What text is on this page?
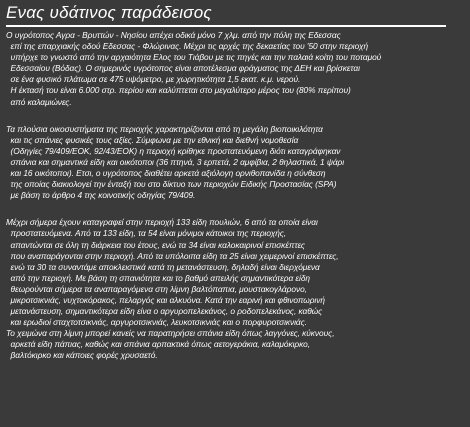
Ενας υδάτινος παράδεισος

Ο υγρότοπος Αγρα - Βρυττών - Νησίου απέχει οδικά μόνο 7 χλμ. από την πόλη της Εδεσσας
επί της επαρχιακής οδού Εδεσσας - Φλώρινας. Μέχρι τις αρχές της δεκαετίας του '50 στην περιοχή
υπήρχε το γνωστό από την αρχαιότητα Ελος του Τιάβου με τις πηγές και την παλαιά κοίτη του ποταμού
Εδεσσαίου (Βόδας). Ο σημερινός υγρότοπος είναι αποτέλεσμα φράγματος της ΔΕΗ και βρίσκεται
σε ένα φυσικό πλάτωμα σε 475 υψόμετρο, με χωρητικότητα 1,5 εκατ. κ.μ. νερού.
Η έκτασή του είναι 6.000 στρ. περίου και καλύπτεται στο μεγαλύτερο μέρος του (80% περίπου)
από καλαμιώνες.

Τα πλούσια οικοσυστήματα της περιοχής χαρακτηρίζονται από τη μεγάλη βιοποικιλότητα
και τις σπάνιες φυσικές τους αξίες. Σύμφωνα με την εθνική και διεθνή νομοθεσία
(Οδηγίες 79/409/ΕΟΚ, 92/43/ΕΟΚ) η περιοχή κρίθηκε προστατευόμενη διότι καταγράφηκαν
σπάνια και σημαντικά είδη και οικότοποι (36 πτηνά, 3 ερπετά, 2 αμφίβια, 2 θηλαστικά, 1 ψάρι
και 16 οικότοποι). Ετσι, ο υγρότοπος διαθέτει αρκετά αξιόλογη ορνιθοπανίδα η σύνθεση
της οποίας διακιολογεί την ένταξή του στο δίκτυο των περιοχών Ειδικής Προστασίας (SPA)
με βάση το άρθρο 4 της κοινοτικής οδηγίας 79/409.

Μέχρι σήμερα έχουν καταγραφεί στην περιοχή 133 είδη πουλιών, 6 από τα οποία είναι
προστατευόμενα. Από τα 133 είδη, τα 54 είναι μόνιμοι κάτοικοι της περιοχής,
απαντώνται σε όλη τη διάρκεια του έτους, ενώ τα 34 είναι καλοκαιρινοί επισκέπτες
που αναπαράγονται στην περιοχή. Από τα υπόλοιπα είδη τα 25 είναι χειμερινοί επισκέπτες,
ενώ τα 30 τα συναντάμε αποκλειστικά κατά τη μετανάστευση, δηλαδή είναι διερχόμενα
από την περιοχή. Με βάση τη σπανιότητα και το βαθμό απειλής σημαντικότερα είδη
θεωρούνται σήμερα τα αναπαραγόμενα στη λίμνη βαλτόπαπια, μουστακογλάρονο,
μικροτσικνιάς, νυχτοκόρακος, πελαργός και αλκυόνα. Κατά την εαρινή και φθινοπωρινή
μετανάστευση, σημαντικότερα είδη είνα ο αργυροπελεκάνος, ο ροδοπελεκάνος, καθώς
και ερωδιοί σταχτοτσικνιάς, αργυροτσικνιάς, λευκοτσικνιάς και ο πορφυροτσικνιάς.
To χειμώνα στη λίμνη μπορεί κανείς να παρατηρήσει σπάνια είδη όπως λαγγόνες, κύκνους,
αρκετά είδη πάπιας, καθώς και σπάνια αρπακτικά όπως αετογεράκια, καλαμόκιρκο,
βαλτόκιρκο και κάποιες φορές χρυσαετό.
